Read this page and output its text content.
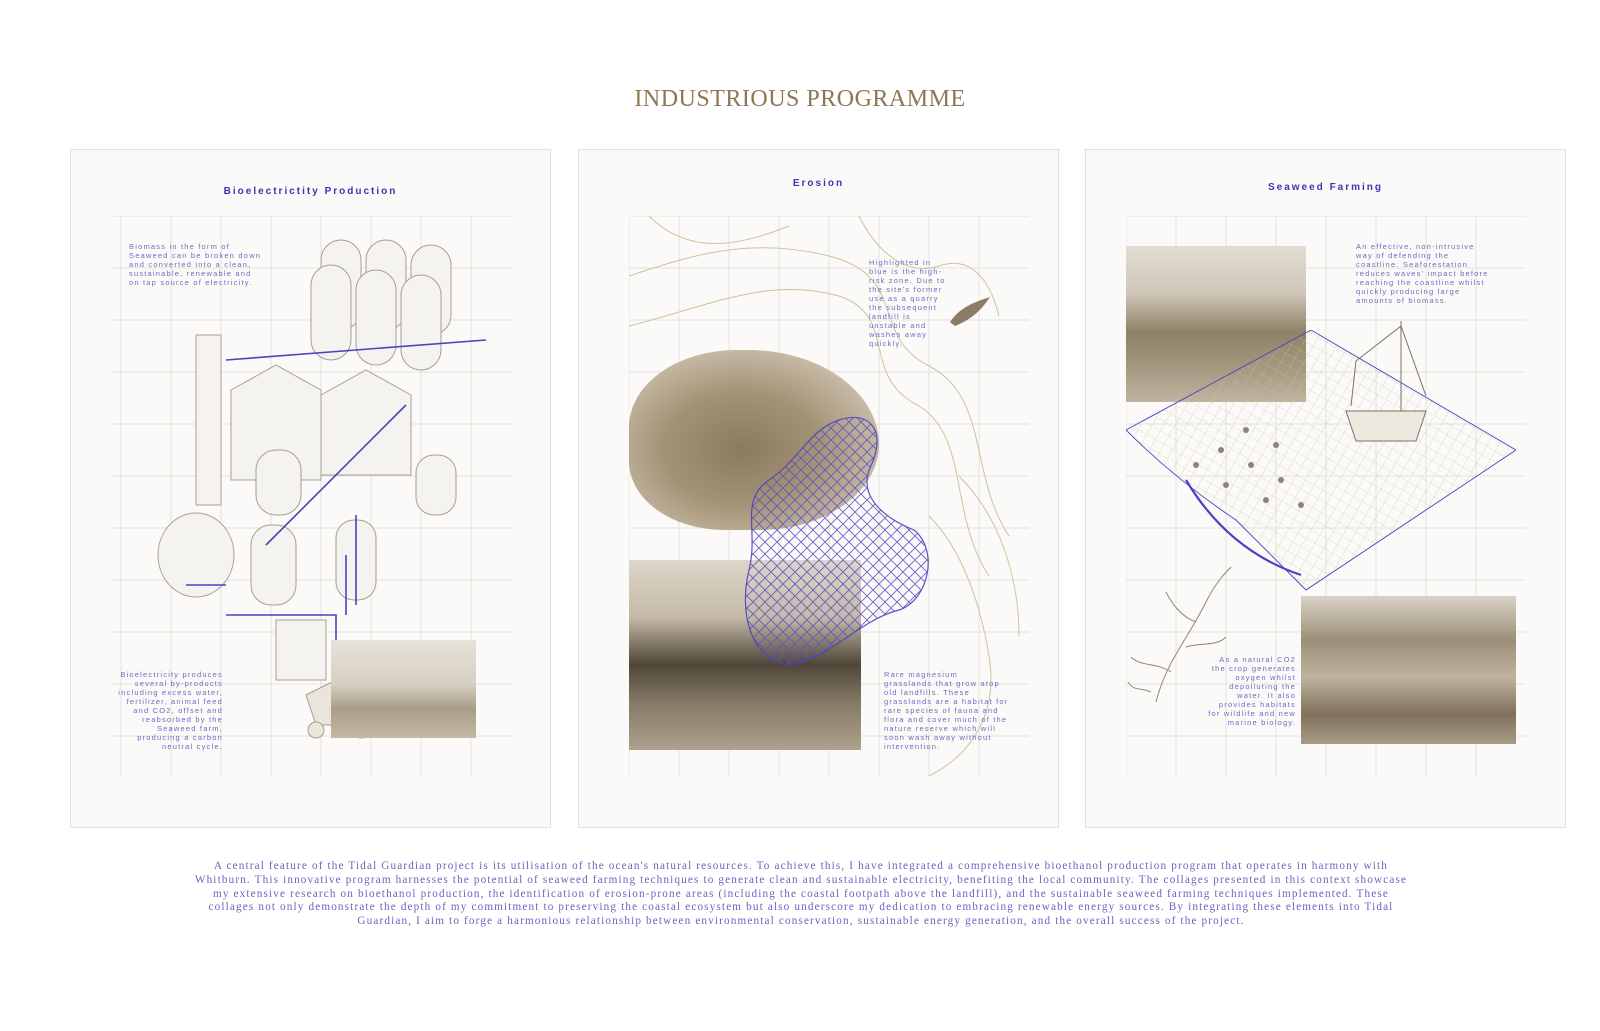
INDUSTRIOUS PROGRAMME
Bioelectrictity Production
Biomass in the form of Seaweed can be broken down and converted into a clean, sustainable, renewable and on tap source of electricity.
Bioelectricity produces several by-products including excess water, fertilizer, animal feed and CO2, offset and reabsorbed by the Seaweed farm, producing a carbon neutral cycle.
Erosion
Highlighted in blue is the high-risk zone. Due to the site's former use as a quarry the subsequent landfill is unstable and washes away quickly.
Rare magnesium grasslands that grow atop old landfills. These grasslands are a habitat for rare species of fauna and flora and cover much of the nature reserve which will soon wash away without intervention.
Seaweed Farming
An effective, non-intrusive way of defending the coastline. Seaforestation reduces waves' impact before reaching the coastline whilst quickly producing large amounts of biomass.
As a natural CO2 the crop generates oxygen whilst depolluting the water. It also provides habitats for wildlife and new marine biology.
A central feature of the Tidal Guardian project is its utilisation of the ocean's natural resources. To achieve this, I have integrated a comprehensive bioethanol production program that operates in harmony with Whitburn. This innovative program harnesses the potential of seaweed farming techniques to generate clean and sustainable electricity, benefiting the local community. The collages presented in this context showcase my extensive research on bioethanol production, the identification of erosion-prone areas (including the coastal footpath above the landfill), and the sustainable seaweed farming techniques implemented. These collages not only demonstrate the depth of my commitment to preserving the coastal ecosystem but also underscore my dedication to embracing renewable energy sources. By integrating these elements into Tidal Guardian, I aim to forge a harmonious relationship between environmental conservation, sustainable energy generation, and the overall success of the project.
